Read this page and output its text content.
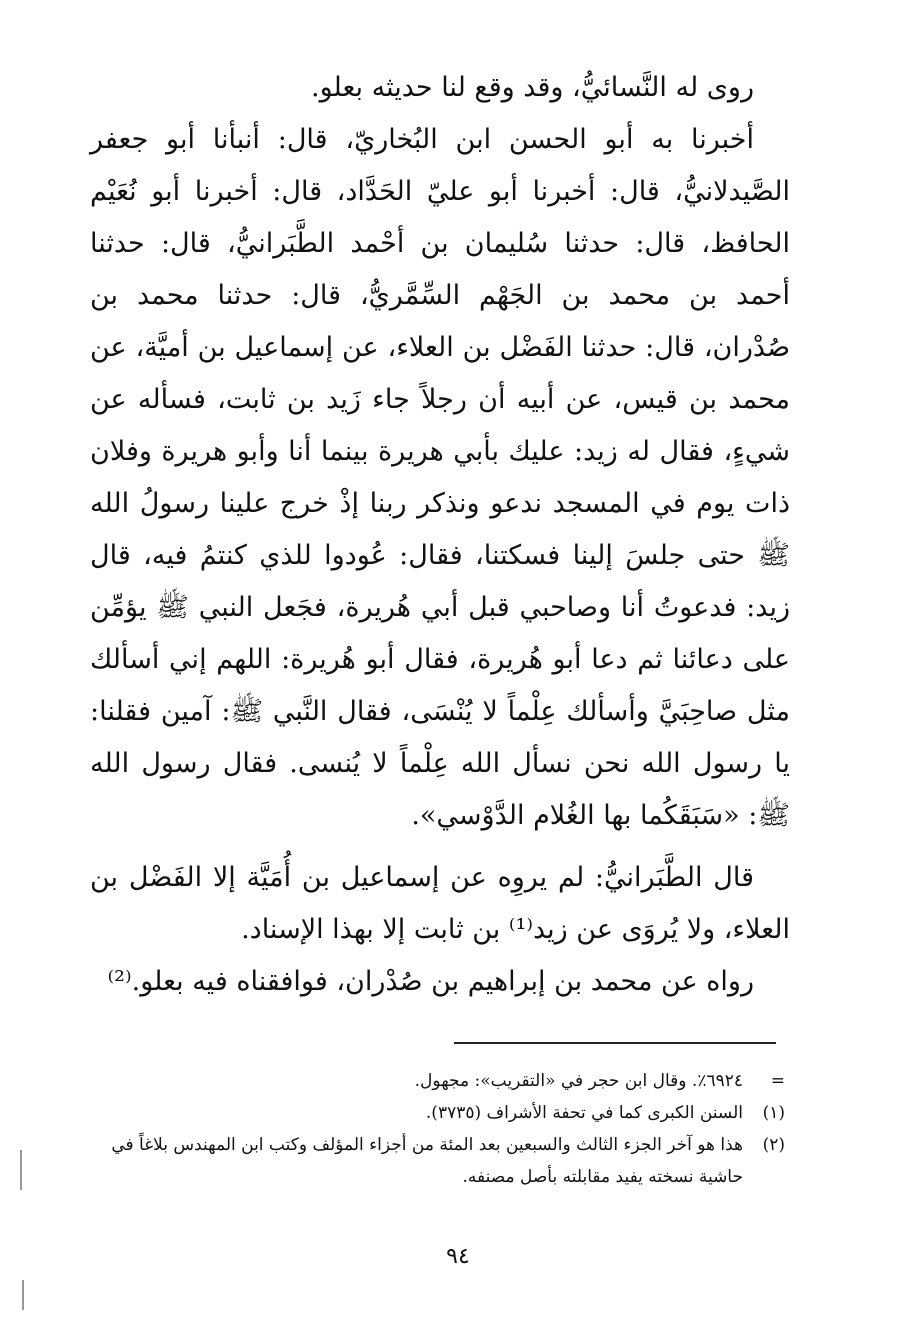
روى له النَّسائيُّ، وقد وقع لنا حديثه بعلو.

أخبرنا به أبو الحسن ابن البُخاريّ، قال: أنبأنا أبو جعفر الصَّيدلانيُّ، قال: أخبرنا أبو عليّ الحَدَّاد، قال: أخبرنا أبو نُعَيْم الحافظ، قال: حدثنا سُليمان بن أحْمد الطَّبَرانيُّ، قال: حدثنا أحمد بن محمد بن الجَهْم السِّمَّريُّ، قال: حدثنا محمد بن صُدْران، قال: حدثنا الفَضْل بن العلاء، عن إسماعيل بن أميَّة، عن محمد بن قيس، عن أبيه أن رجلاً جاء زَيد بن ثابت، فسأله عن شيءٍ، فقال له زيد: عليك بأبي هريرة بينما أنا وأبو هريرة وفلان ذات يوم في المسجد ندعو ونذكر ربنا إذْ خرج علينا رسولُ الله ﷺ حتى جلسَ إلينا فسكتنا، فقال: عُودوا للذي كنتمُ فيه، قال زيد: فدعوتُ أنا وصاحبي قبل أبي هُريرة، فجَعل النبي ﷺ يؤمِّن على دعائنا ثم دعا أبو هُريرة، فقال أبو هُريرة: اللهم إني أسألك مثل صاحِبَيَّ وأسألك عِلْماً لا يُنْسَى، فقال النَّبي ﷺ: آمين فقلنا: يا رسول الله نحن نسأل الله عِلْماً لا يُنسى. فقال رسول الله ﷺ: «سَبَقَكُما بها الغُلام الدَّوْسي».

قال الطَّبَرانيُّ: لم يروِه عن إسماعيل بن أُمَيَّة إلا الفَضْل بن العلاء، ولا يُروَى عن زيد⁽¹⁾ بن ثابت إلا بهذا الإسناد.

رواه عن محمد بن إبراهيم بن صُدْران، فوافقناه فيه بعلو.⁽²⁾

=
٦٩٢٤٪. وقال ابن حجر في «التقريب»: مجهول.
(١)
السنن الكبرى كما في تحفة الأشراف (٣٧٣٥).
(٢)
هذا هو آخر الجزء الثالث والسبعين بعد المئة من أجزاء المؤلف وكتب ابن المهندس بلاغاً في حاشية نسخته يفيد مقابلته بأصل مصنفه.
٩٤
